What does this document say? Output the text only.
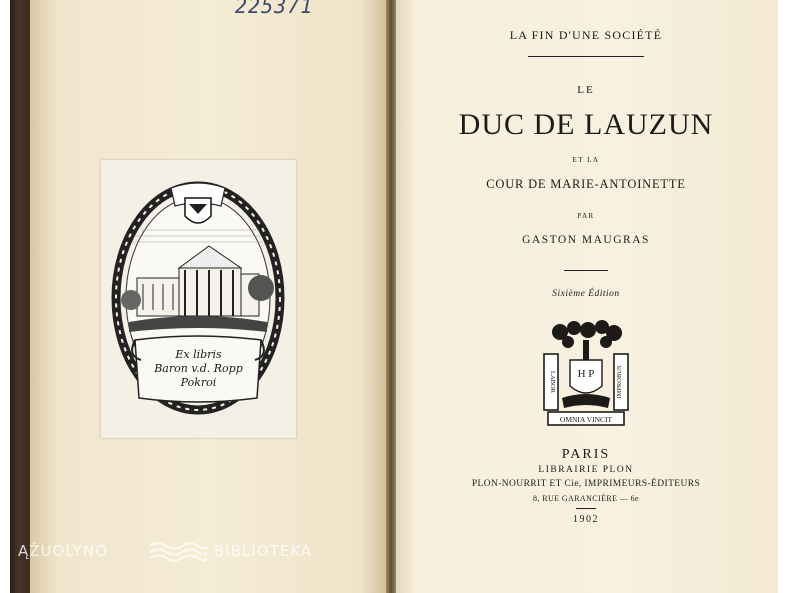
225371
Ex libris
Baron v.d. Ropp
Pokroi
ĄŽUOLYNO	BIBLIOTEKA
LA FIN D'UNE SOCIÉTÉ
LE
DUC DE LAUZUN
ET LA
COUR DE MARIE-ANTOINETTE
PAR
GASTON MAUGRAS
Sixième Édition
LABOR	IMPROBUS
H P
OMNIA VINCIT
PARIS
LIBRAIRIE PLON
PLON-NOURRIT ET Cie, IMPRIMEURS-ÉDITEURS
8, RUE GARANCIÈRE — 6e
1902
